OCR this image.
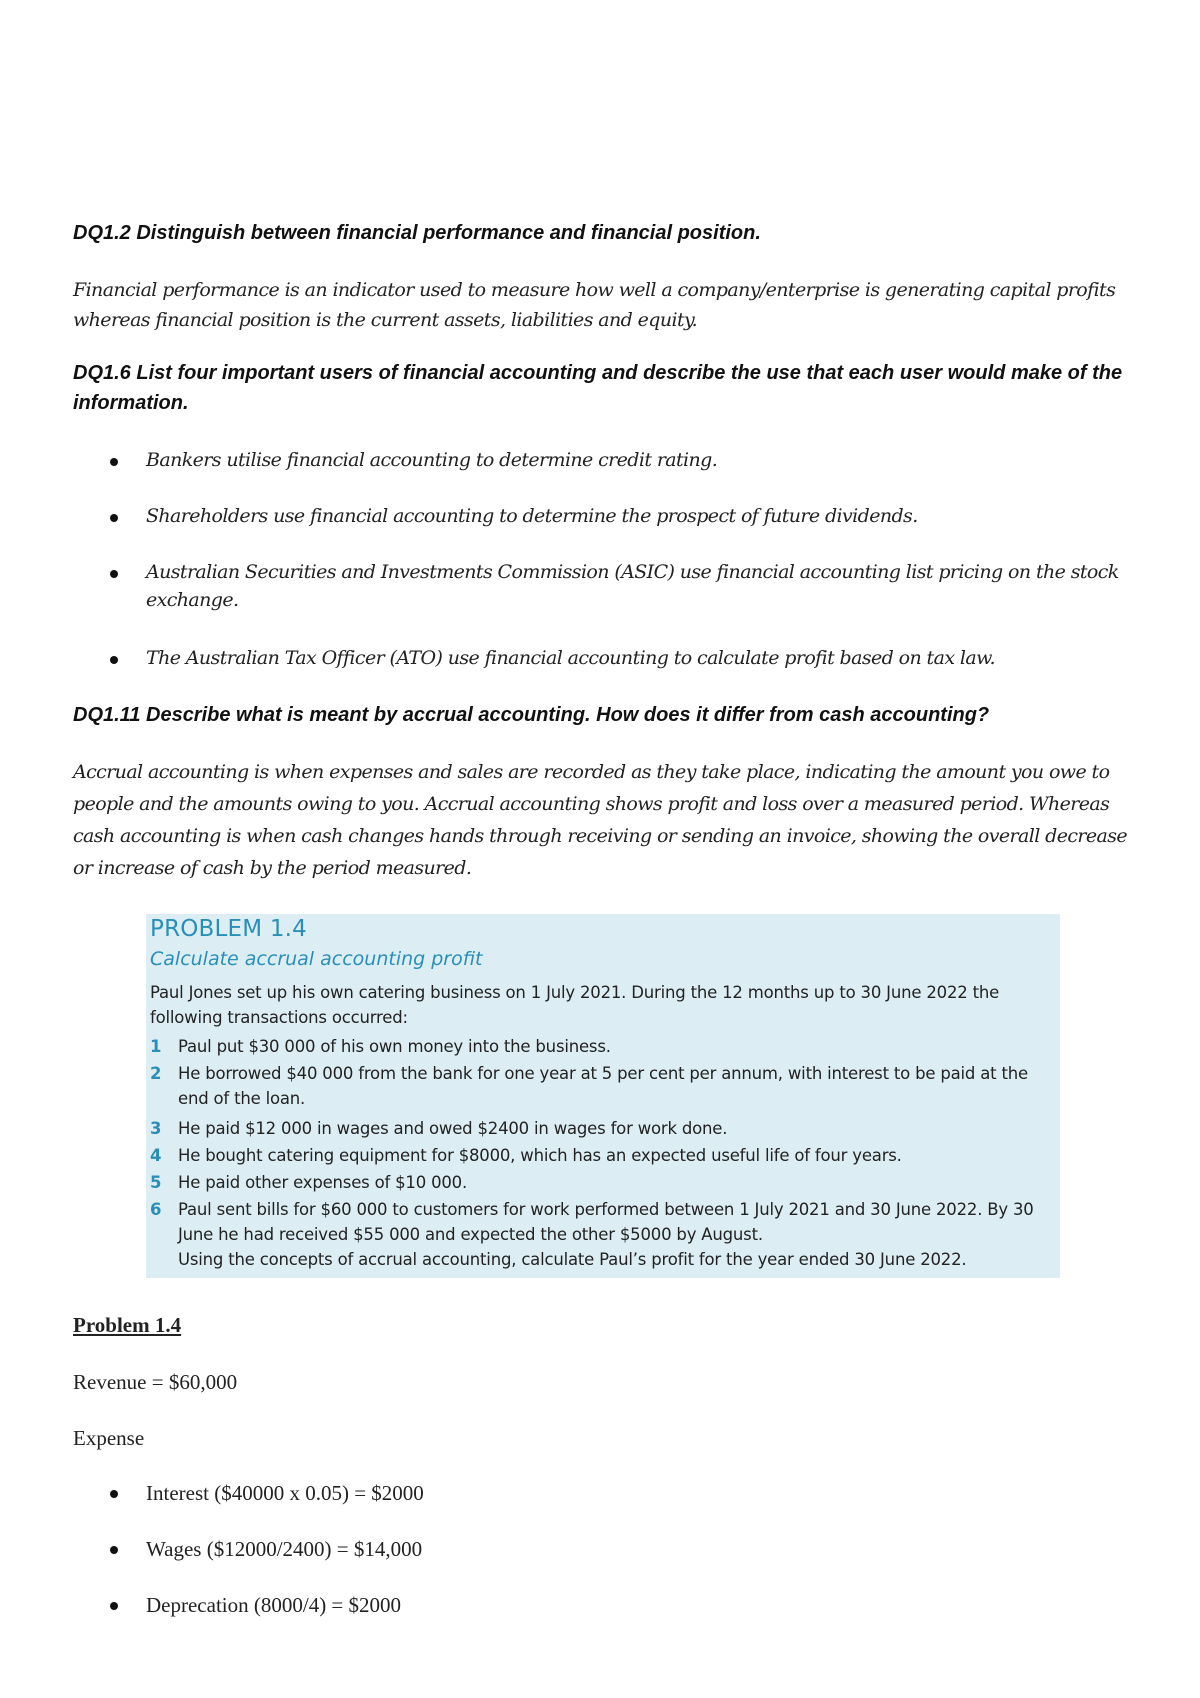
DQ1.2 Distinguish between financial performance and financial position.

Financial performance is an indicator used to measure how well a company/enterprise is generating capital profits whereas financial position is the current assets, liabilities and equity.

DQ1.6 List four important users of financial accounting and describe the use that each user would make of the information.

Bankers utilise financial accounting to determine credit rating.
Shareholders use financial accounting to determine the prospect of future dividends.
Australian Securities and Investments Commission (ASIC) use financial accounting list pricing on the stock exchange.
The Australian Tax Officer (ATO) use financial accounting to calculate profit based on tax law.

DQ1.11 Describe what is meant by accrual accounting. How does it differ from cash accounting?

Accrual accounting is when expenses and sales are recorded as they take place, indicating the amount you owe to people and the amounts owing to you. Accrual accounting shows profit and loss over a measured period. Whereas cash accounting is when cash changes hands through receiving or sending an invoice, showing the overall decrease or increase of cash by the period measured.

PROBLEM 1.4
Calculate accrual accounting profit
Paul Jones set up his own catering business on 1 July 2021. During the 12 months up to 30 June 2022 the following transactions occurred:
1 Paul put $30 000 of his own money into the business.
2 He borrowed $40 000 from the bank for one year at 5 per cent per annum, with interest to be paid at the end of the loan.
3 He paid $12 000 in wages and owed $2400 in wages for work done.
4 He bought catering equipment for $8000, which has an expected useful life of four years.
5 He paid other expenses of $10 000.
6 Paul sent bills for $60 000 to customers for work performed between 1 July 2021 and 30 June 2022. By 30 June he had received $55 000 and expected the other $5000 by August.
Using the concepts of accrual accounting, calculate Paul’s profit for the year ended 30 June 2022.

Problem 1.4

Revenue = $60,000

Expense

Interest ($40000 x 0.05) = $2000
Wages ($12000/2400) = $14,000
Deprecation (8000/4) = $2000
